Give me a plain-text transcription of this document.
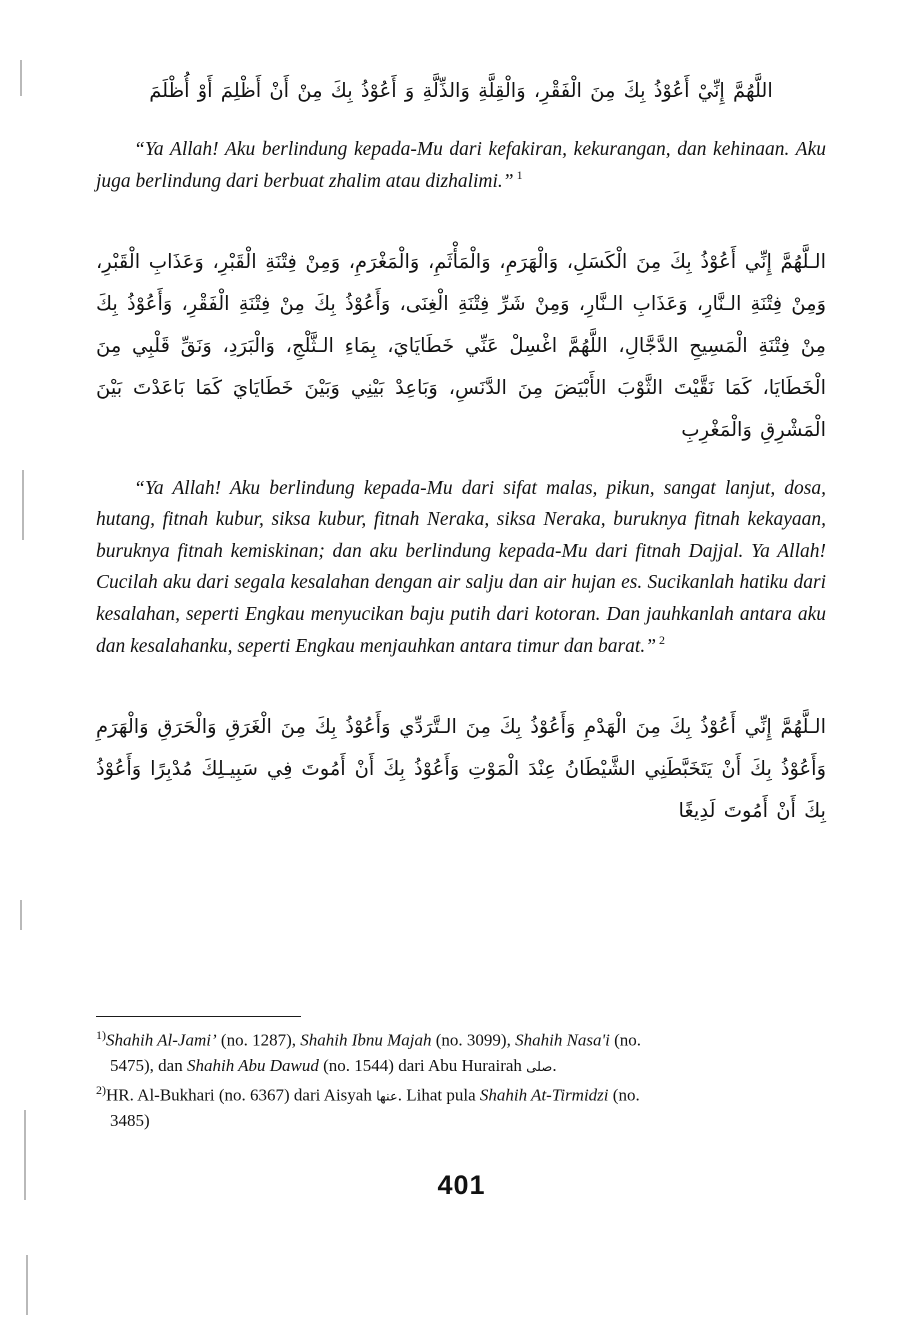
اللَّهُمَّ إِنِّيْ أَعُوْذُ بِكَ مِنَ الْفَقْرِ، وَالْقِلَّةِ وَالذِّلَّةِ وَ أَعُوْذُ بِكَ مِنْ أَنْ أَظْلِمَ أَوْ أُظْلَمَ

“Ya Allah! Aku berlindung kepada-Mu dari kefakiran, kekurangan, dan kehinaan. Aku juga berlindung dari berbuat zhalim atau dizhalimi.” $^1$

الـلَّهُمَّ إِنِّي أَعُوْذُ بِكَ مِنَ الْكَسَلِ، وَالْهَرَمِ، وَالْمَأْثَمِ، وَالْمَغْرَمِ، وَمِنْ فِتْنَةِ الْقَبْرِ، وَعَذَابِ الْقَبْرِ، وَمِنْ فِتْنَةِ الـنَّارِ، وَعَذَابِ الـنَّارِ، وَمِنْ شَرِّ فِتْنَةِ الْغِنَى، وَأَعُوْذُ بِكَ مِنْ فِتْنَةِ الْفَقْرِ، وَأَعُوْذُ بِكَ مِنْ فِتْنَةِ الْمَسِيحِ الدَّجَّالِ، اللَّهُمَّ اغْسِلْ عَنِّي خَطَايَايَ، بِمَاءِ الـثَّلْجِ، وَالْبَرَدِ، وَنَقِّ قَلْبِي مِنَ الْخَطَايَا، كَمَا نَقَّيْتَ الثَّوْبَ الأَبْيَضَ مِنَ الدَّنَسِ، وَبَاعِدْ بَيْنِي وَبَيْنَ خَطَايَايَ كَمَا بَاعَدْتَ بَيْنَ الْمَشْرِقِ وَالْمَغْرِبِ

“Ya Allah! Aku berlindung kepada-Mu dari sifat malas, pikun, sangat lanjut, dosa, hutang, fitnah kubur, siksa kubur, fitnah Neraka, siksa Neraka, buruknya fitnah kekayaan, buruknya fitnah kemiskinan; dan aku berlindung kepada-Mu dari fitnah Dajjal. Ya Allah! Cucilah aku dari segala kesalahan dengan air salju dan air hujan es. Sucikanlah hatiku dari kesalahan, seperti Engkau menyucikan baju putih dari kotoran. Dan jauhkanlah antara aku dan kesalahanku, seperti Engkau menjauhkan antara timur dan barat.” $^2$

الـلَّهُمَّ إِنِّي أَعُوْذُ بِكَ مِنَ الْهَدْمِ وَأَعُوْذُ بِكَ مِنَ الـتَّرَدِّي وَأَعُوْذُ بِكَ مِنَ الْغَرَقِ وَالْحَرَقِ وَالْهَرَمِ وَأَعُوْذُ بِكَ أَنْ يَتَخَبَّطَنِي الشَّيْطَانُ عِنْدَ الْمَوْتِ وَأَعُوْذُ بِكَ أَنْ أَمُوتَ فِي سَبِيـلِكَ مُدْبِرًا وَأَعُوْذُ بِكَ أَنْ أَمُوتَ لَدِيغًا

$^{1)}$Shahih Al-Jami’ (no. 1287), Shahih Ibnu Majah (no. 3099), Shahih Nasa'i (no.
5475), dan Shahih Abu Dawud (no. 1544) dari Abu Hurairah صلى.

$^{2)}$HR. Al-Bukhari (no. 6367) dari Aisyah عنها. Lihat pula Shahih At-Tirmidzi (no.
3485)

401
